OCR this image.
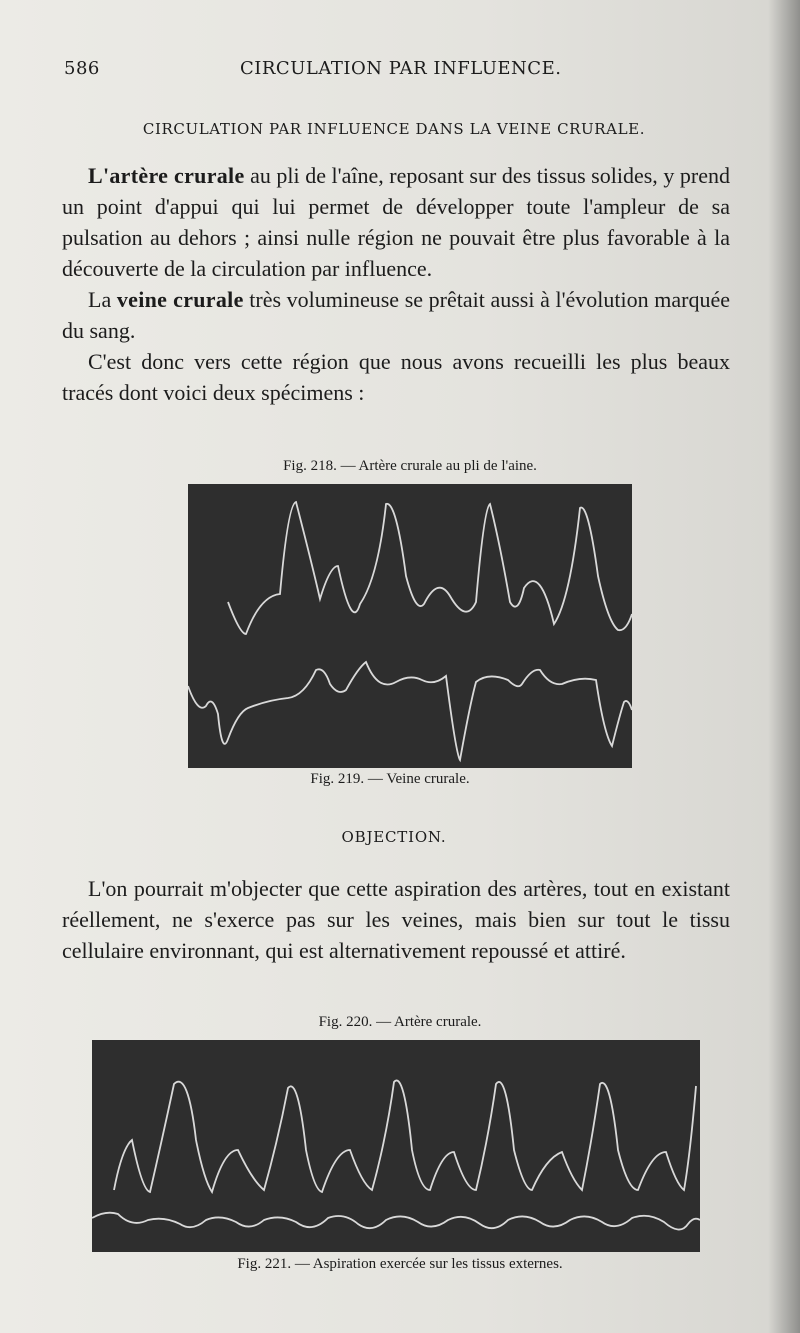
586	CIRCULATION PAR INFLUENCE.
CIRCULATION PAR INFLUENCE DANS LA VEINE CRURALE.

L'artère crurale au pli de l'aîne, reposant sur des tissus solides, y prend un point d'appui qui lui permet de développer toute l'ampleur de sa pulsation au dehors ; ainsi nulle région ne pouvait être plus favorable à la découverte de la circulation par influence.

La veine crurale très volumineuse se prêtait aussi à l'évolution marquée du sang.

C'est donc vers cette région que nous avons recueilli les plus beaux tracés dont voici deux spécimens :

Fig. 218. — Artère crurale au pli de l'aine.
Fig. 219. — Veine crurale.
OBJECTION.

L'on pourrait m'objecter que cette aspiration des artères, tout en existant réellement, ne s'exerce pas sur les veines, mais bien sur tout le tissu cellulaire environnant, qui est alternativement repoussé et attiré.

Fig. 220. — Artère crurale.
Fig. 221. — Aspiration exercée sur les tissus externes.
